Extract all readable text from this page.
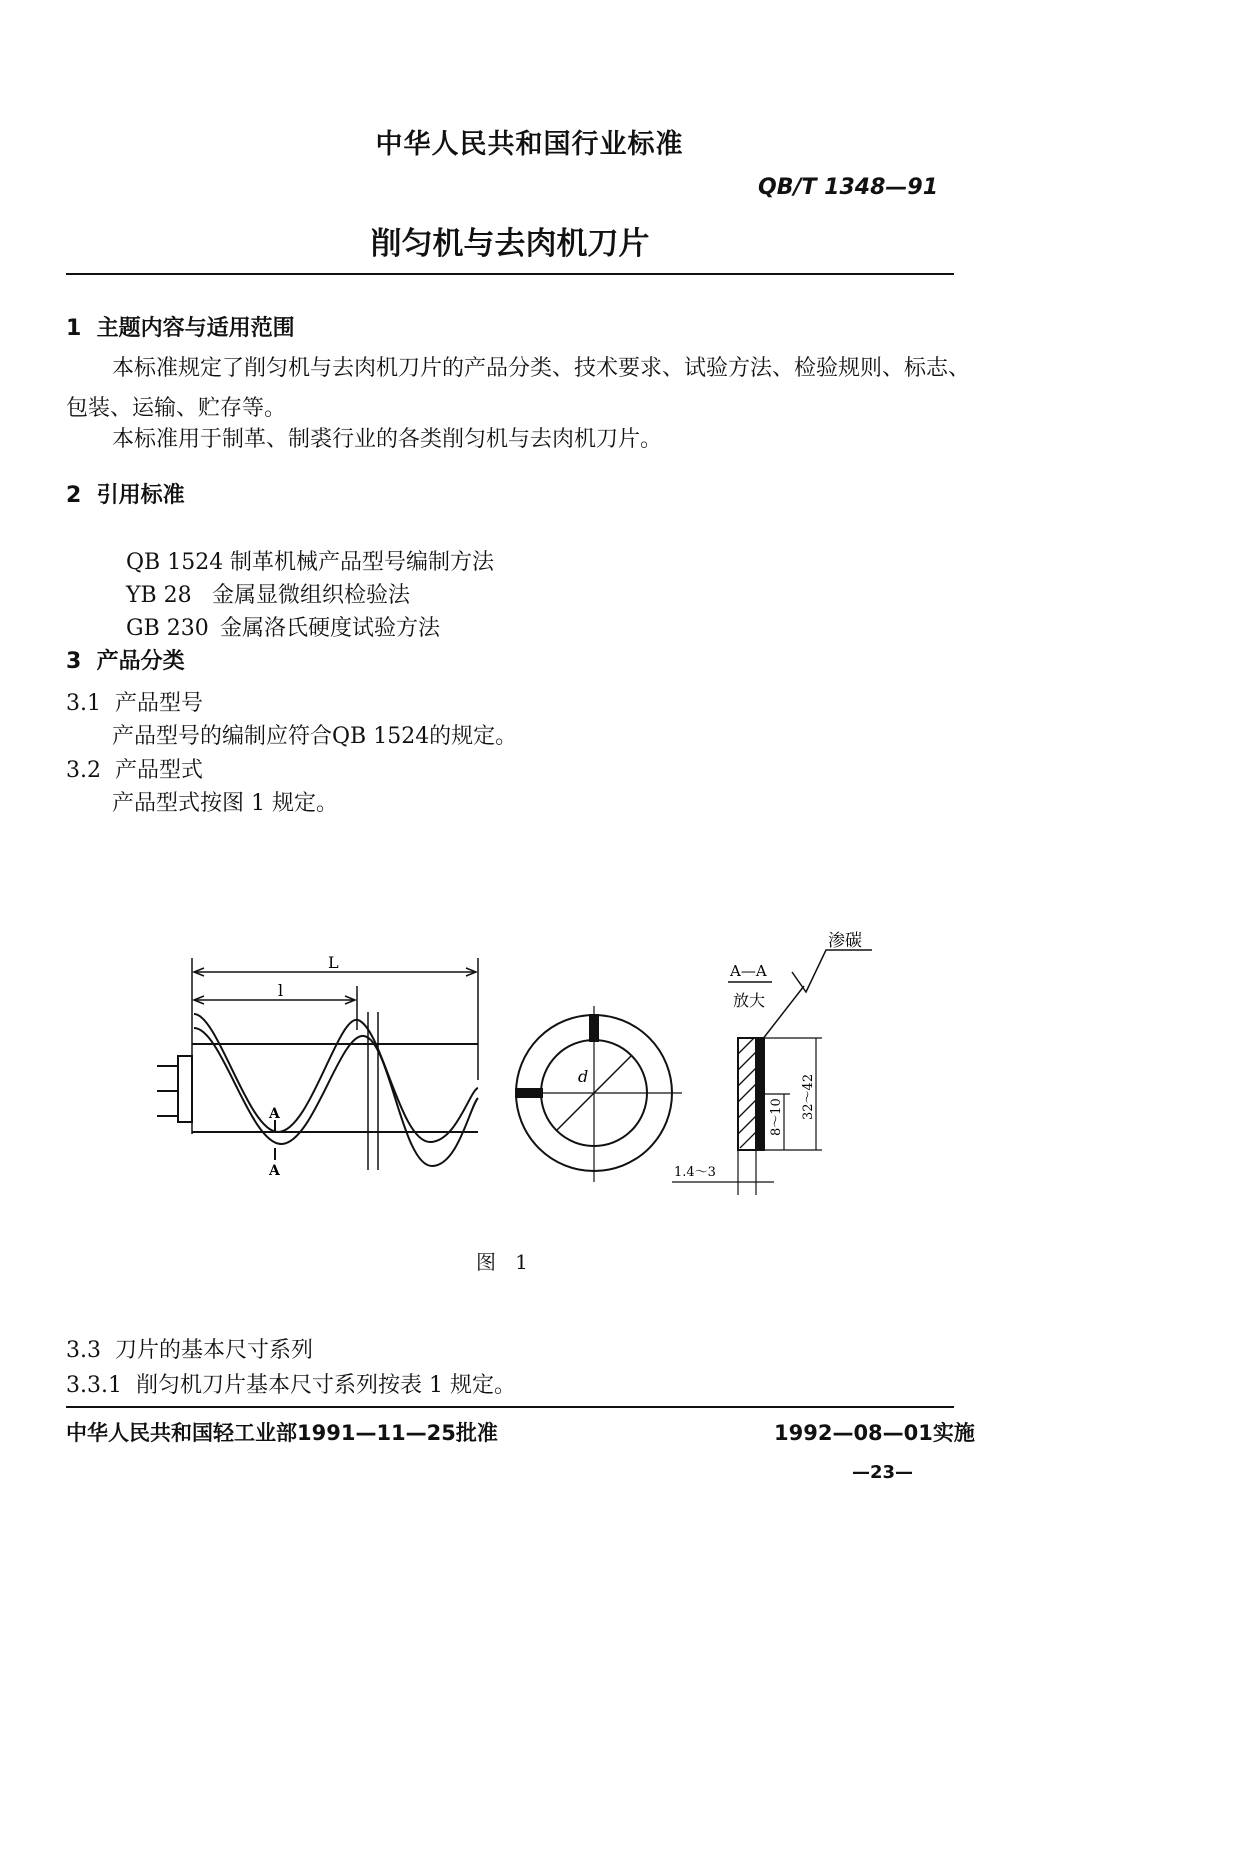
中华人民共和国行业标准
QB/T 1348—91
削匀机与去肉机刀片
1  主题内容与适用范围
本标准规定了削匀机与去肉机刀片的产品分类、技术要求、试验方法、检验规则、标志、
包装、运输、贮存等。
本标准用于制革、制裘行业的各类削匀机与去肉机刀片。
2  引用标准

QB 1524 制革机械产品型号编制方法

YB 28 金属显微组织检验法

GB 230 金属洛氏硬度试验方法

3  产品分类
3.1  产品型号
产品型号的编制应符合QB 1524的规定。
3.2  产品型式
产品型式按图 1 规定。
L
l
A
A
d
A—A
放大
渗碳
1.4～3
8～10 32～42
图   1
3.3  刀片的基本尺寸系列
3.3.1  削匀机刀片基本尺寸系列按表 1 规定。
中华人民共和国轻工业部1991—11—25批准	1992—08—01实施
—23—
